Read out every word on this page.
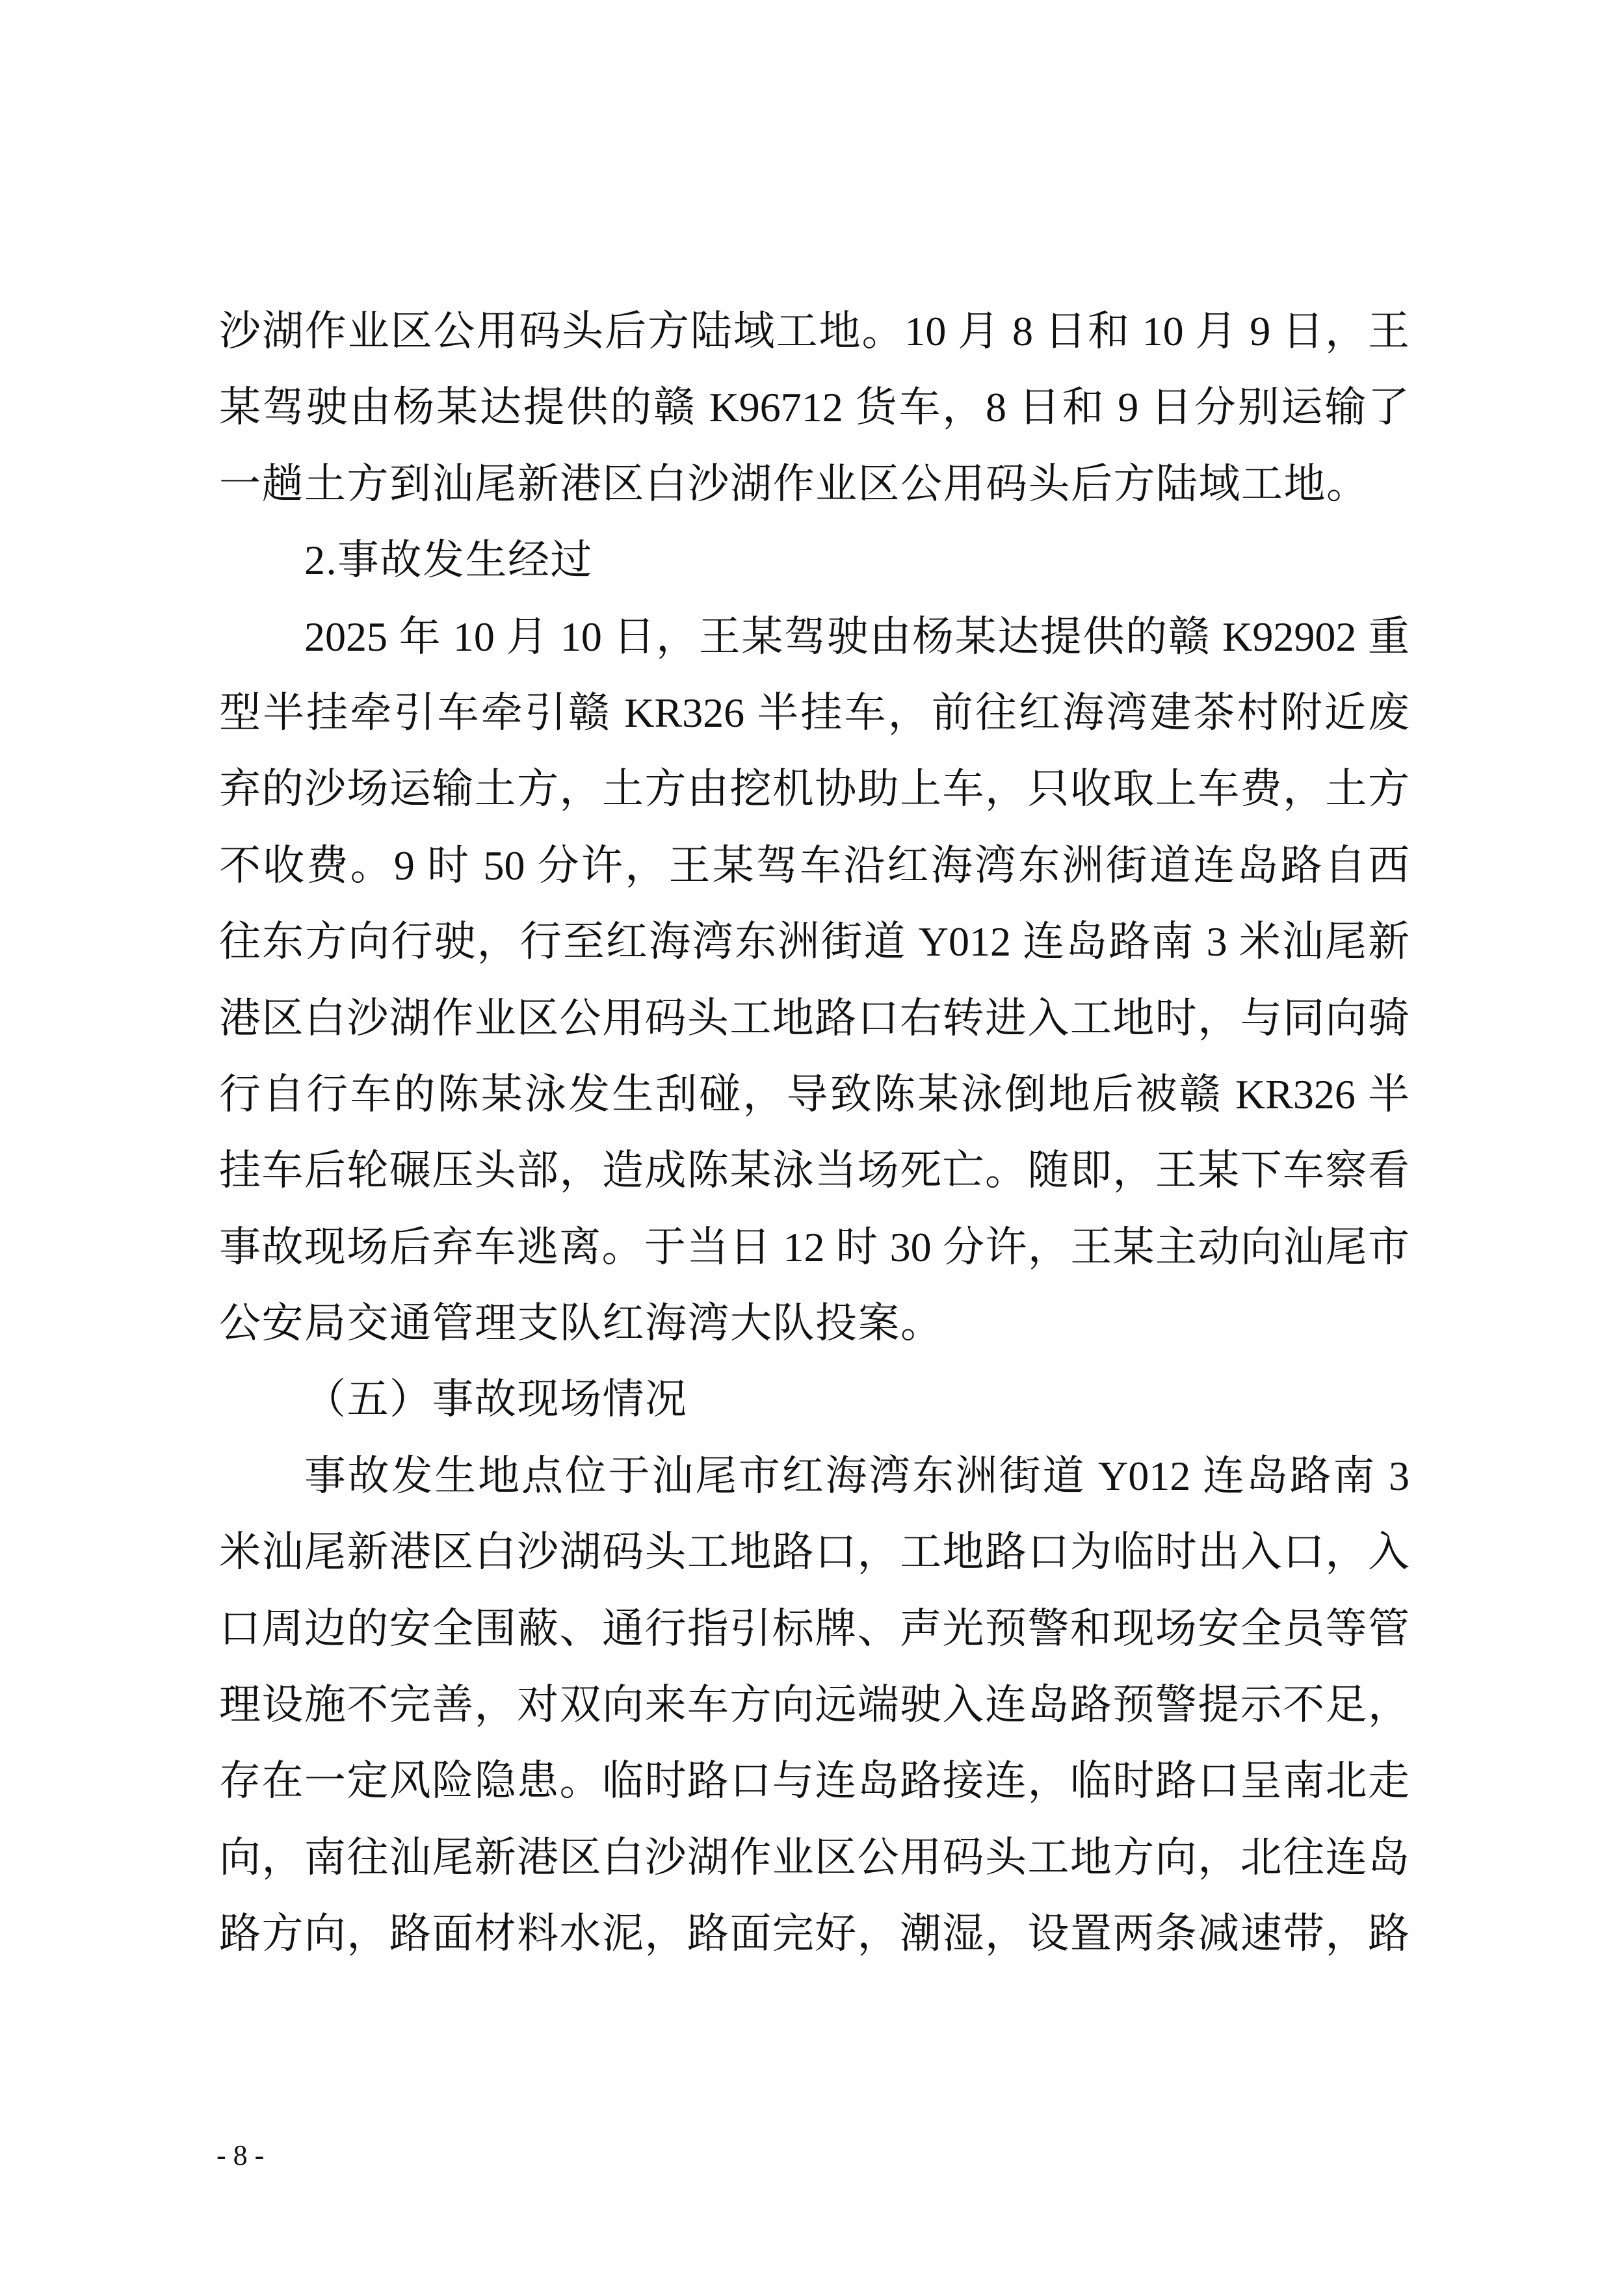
沙湖作业区公用码头后方陆域工地。10 月 8 日和 10 月 9 日，王
某驾驶由杨某达提供的赣 K96712 货车，8 日和 9 日分别运输了
一趟土方到汕尾新港区白沙湖作业区公用码头后方陆域工地。
2.事故发生经过
2025 年 10 月 10 日，王某驾驶由杨某达提供的赣 K92902 重
型半挂牵引车牵引赣 KR326 半挂车，前往红海湾建茶村附近废
弃的沙场运输土方，土方由挖机协助上车，只收取上车费，土方
不收费。9 时 50 分许，王某驾车沿红海湾东洲街道连岛路自西
往东方向行驶，行至红海湾东洲街道 Y012 连岛路南 3 米汕尾新
港区白沙湖作业区公用码头工地路口右转进入工地时，与同向骑
行自行车的陈某泳发生刮碰，导致陈某泳倒地后被赣 KR326 半
挂车后轮碾压头部，造成陈某泳当场死亡。随即，王某下车察看
事故现场后弃车逃离。于当日 12 时 30 分许，王某主动向汕尾市
公安局交通管理支队红海湾大队投案。
（五）事故现场情况
事故发生地点位于汕尾市红海湾东洲街道 Y012 连岛路南 3
米汕尾新港区白沙湖码头工地路口，工地路口为临时出入口，入
口周边的安全围蔽、通行指引标牌、声光预警和现场安全员等管
理设施不完善，对双向来车方向远端驶入连岛路预警提示不足，
存在一定风险隐患。临时路口与连岛路接连，临时路口呈南北走
向，南往汕尾新港区白沙湖作业区公用码头工地方向，北往连岛
路方向，路面材料水泥，路面完好，潮湿，设置两条减速带，路
- 8 -
